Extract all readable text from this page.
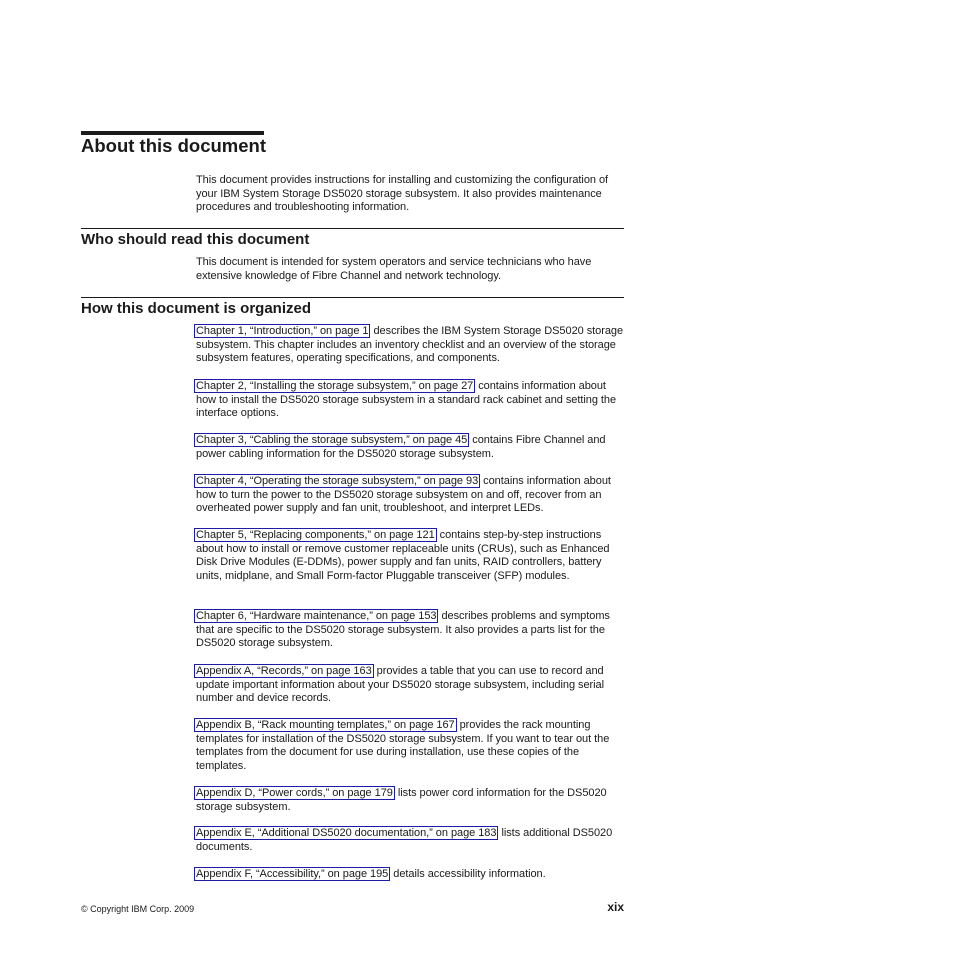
About this document

This document provides instructions for installing and customizing the configuration of your IBM System Storage DS5020 storage subsystem. It also provides maintenance procedures and troubleshooting information.

Who should read this document

This document is intended for system operators and service technicians who have extensive knowledge of Fibre Channel and network technology.

How this document is organized

Chapter 1, “Introduction,” on page 1 describes the IBM System Storage DS5020 storage subsystem. This chapter includes an inventory checklist and an overview of the storage subsystem features, operating specifications, and components.

Chapter 2, “Installing the storage subsystem,” on page 27 contains information about how to install the DS5020 storage subsystem in a standard rack cabinet and setting the interface options.

Chapter 3, “Cabling the storage subsystem,” on page 45 contains Fibre Channel and power cabling information for the DS5020 storage subsystem.

Chapter 4, “Operating the storage subsystem,” on page 93 contains information about how to turn the power to the DS5020 storage subsystem on and off, recover from an overheated power supply and fan unit, troubleshoot, and interpret LEDs.

Chapter 5, “Replacing components,” on page 121 contains step-by-step instructions about how to install or remove customer replaceable units (CRUs), such as Enhanced Disk Drive Modules (E-DDMs), power supply and fan units, RAID controllers, battery units, midplane, and Small Form-factor Pluggable transceiver (SFP) modules.

Chapter 6, “Hardware maintenance,” on page 153 describes problems and symptoms that are specific to the DS5020 storage subsystem. It also provides a parts list for the DS5020 storage subsystem.

Appendix A, “Records,” on page 163 provides a table that you can use to record and update important information about your DS5020 storage subsystem, including serial number and device records.

Appendix B, “Rack mounting templates,” on page 167 provides the rack mounting templates for installation of the DS5020 storage subsystem. If you want to tear out the templates from the document for use during installation, use these copies of the templates.

Appendix D, “Power cords,” on page 179 lists power cord information for the DS5020 storage subsystem.

Appendix E, “Additional DS5020 documentation,” on page 183 lists additional DS5020 documents.

Appendix F, “Accessibility,” on page 195 details accessibility information.

© Copyright IBM Corp. 2009	xix
